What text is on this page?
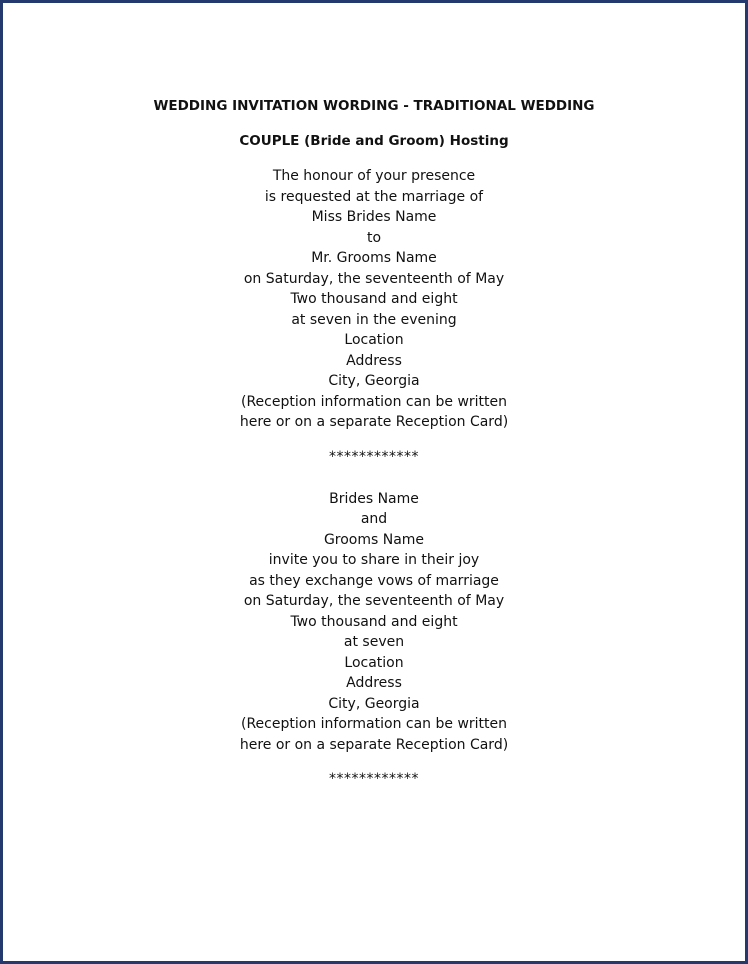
WEDDING INVITATION WORDING - TRADITIONAL WEDDING

COUPLE (Bride and Groom) Hosting

The honour of your presence
is requested at the marriage of
Miss Brides Name
to
Mr. Grooms Name
on Saturday, the seventeenth of May
Two thousand and eight
at seven in the evening
Location
Address
City, Georgia
(Reception information can be written
here or on a separate Reception Card)

************

Brides Name
and
Grooms Name
invite you to share in their joy
as they exchange vows of marriage
on Saturday, the seventeenth of May
Two thousand and eight
at seven
Location
Address
City, Georgia
(Reception information can be written
here or on a separate Reception Card)

************
